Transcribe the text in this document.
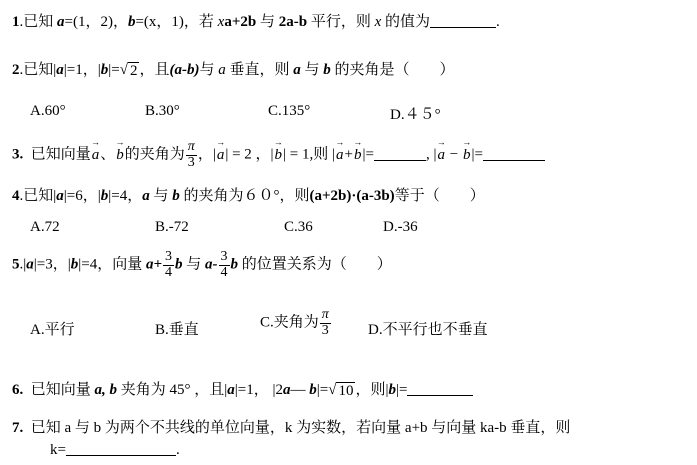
1.已知 a=(1，2)，b=(x，1)，若 xa+2b 与 2a-b 平行，则 x 的值为	.
2.已知|a|=1，|b|= √ 2 ，且(a-b)与 a 垂直，则 a 与 b 的夹角是（　　）
A.60°	B.30°	C.135°	D.４５°
3. 已知向量→ a、→ b的夹角为 $\frac{\pi}{3}$ ，|→ a| = 2 ，|→ b| = 1,则 |→ a+→ b|=	, |→ a − → b|=
4.已知|a|=6，|b|=4，a 与 b 的夹角为６０°，则(a+2b)·(a-3b)等于（　　）
A.72	B.-72	C.36	D.-36
5.|a|=3，|b|=4，向量 $a+ \frac{3}{4}$ b 与 $a- \frac{3}{4}$ b 的位置关系为（　　）
A.平行	B.垂直	C.夹角为 $\frac{\pi}{3} D$.不平行也不垂直
6. 已知向量 a, b 夹角为 45° ，且|a|=1， |2a— b|= √ 10 ，则|b|=
7. 已知 a 与 b 为两个不共线的单位向量，k 为实数，若向量 a+b 与向量 ka-b 垂直，则
k=	.
